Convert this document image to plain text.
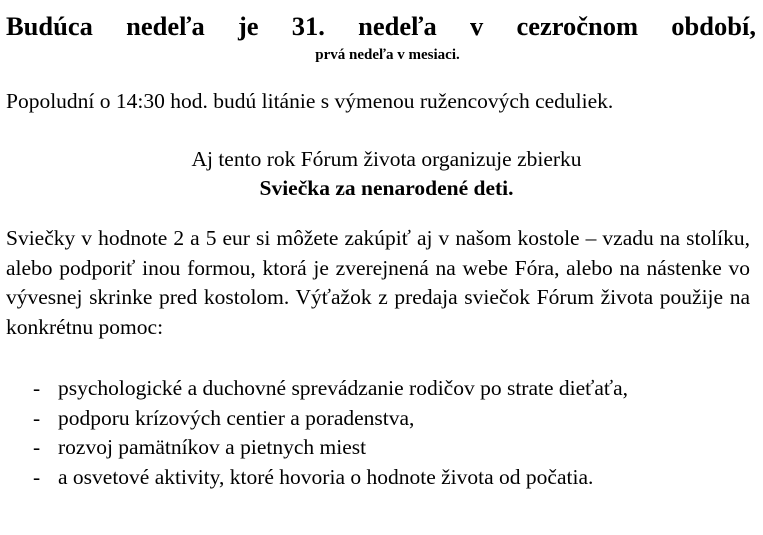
Budúca nedeľa je 31. nedeľa v cezročnom období,
prvá nedeľa v mesiaci.

Popoludní o 14:30 hod. budú litánie s výmenou ružencových ceduliek.

Aj tento rok Fórum života organizuje zbierku
Sviečka za nenarodené deti.

Sviečky v hodnote 2 a 5 eur si môžete zakúpiť aj v našom kostole – vzadu na stolíku, alebo podporiť inou formou, ktorá je zverejnená na webe Fóra, alebo na nástenke vo vývesnej skrinke pred kostolom. Výťažok z predaja sviečok Fórum života použije na konkrétnu pomoc:

- psychologické a duchovné sprevádzanie rodičov po strate dieťaťa,
- podporu krízových centier a poradenstva,
- rozvoj pamätníkov a pietnych miest
- a osvetové aktivity, ktoré hovoria o hodnote života od počatia.
